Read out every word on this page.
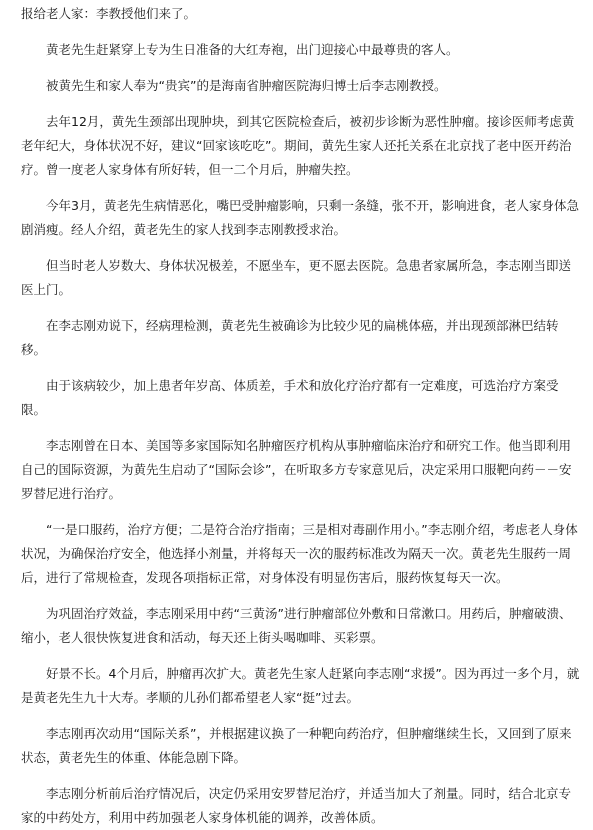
报给老人家：李教授他们来了。

黄老先生赶紧穿上专为生日准备的大红寿袍，出门迎接心中最尊贵的客人。

被黄先生和家人奉为“贵宾”的是海南省肿瘤医院海归博士后李志刚教授。

去年12月，黄先生颈部出现肿块，到其它医院检查后，被初步诊断为恶性肿瘤。接诊医师考虑黄老年纪大，身体状况不好，建议“回家该吃吃”。期间，黄先生家人还托关系在北京找了老中医开药治疗。曾一度老人家身体有所好转，但一二个月后，肿瘤失控。

今年3月，黄老先生病情恶化，嘴巴受肿瘤影响，只剩一条缝，张不开，影响进食，老人家身体急剧消瘦。经人介绍，黄老先生的家人找到李志刚教授求治。

但当时老人岁数大、身体状况极差，不愿坐车，更不愿去医院。急患者家属所急，李志刚当即送医上门。

在李志刚劝说下，经病理检测，黄老先生被确诊为比较少见的扁桃体癌，并出现颈部淋巴结转移。

由于该病较少，加上患者年岁高、体质差，手术和放化疗治疗都有一定难度，可选治疗方案受限。

李志刚曾在日本、美国等多家国际知名肿瘤医疗机构从事肿瘤临床治疗和研究工作。他当即利用自己的国际资源，为黄先生启动了“国际会诊”，在听取多方专家意见后，决定采用口服靶向药－－安罗替尼进行治疗。

“一是口服药，治疗方便；二是符合治疗指南；三是相对毒副作用小。”李志刚介绍，考虑老人身体状况，为确保治疗安全，他选择小剂量，并将每天一次的服药标准改为隔天一次。黄老先生服药一周后，进行了常规检查，发现各项指标正常，对身体没有明显伤害后，服药恢复每天一次。

为巩固治疗效益，李志刚采用中药“三黄汤”进行肿瘤部位外敷和日常漱口。用药后，肿瘤破溃、缩小，老人很快恢复进食和活动，每天还上街头喝咖啡、买彩票。

好景不长。4个月后，肿瘤再次扩大。黄老先生家人赶紧向李志刚“求援”。因为再过一多个月，就是黄老先生九十大寿。孝顺的儿孙们都希望老人家“挺”过去。

李志刚再次动用“国际关系”，并根据建议换了一种靶向药治疗，但肿瘤继续生长，又回到了原来状态，黄老先生的体重、体能急剧下降。

李志刚分析前后治疗情况后，决定仍采用安罗替尼治疗，并适当加大了剂量。同时，结合北京专家的中药处方，利用中药加强老人家身体机能的调养，改善体质。
